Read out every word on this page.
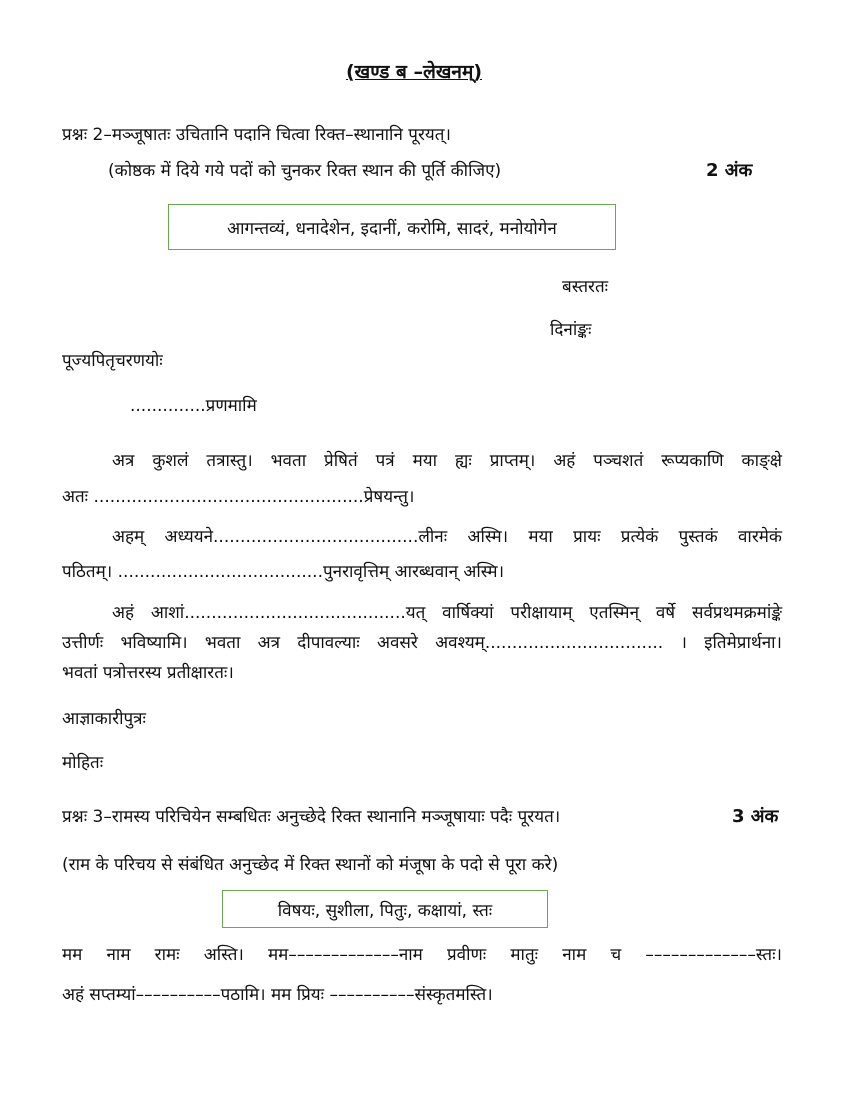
(खण्ड ब –लेखनम्)
प्रश्नः 2–मञ्जूषातः उचितानि पदानि चित्वा रिक्त–स्थानानि पूरयत्।
(कोष्ठक में दिये गये पदों को चुनकर रिक्त स्थान की पूर्ति कीजिए)	2 अंक
आगन्तव्यं, धनादेशेन, इदानीं, करोमि, सादरं, मनोयोगेन
बस्तरतः
दिनांङ्कः
पूज्यपितृचरणयोः
..............प्रणमामि
अत्र कुशलं तत्रास्तु। भवता प्रेषितं पत्रं मया ह्यः प्राप्तम्। अहं पञ्चशतं रूप्यकाणि काङ्क्षे
अतः ..................................................प्रेषयन्तु।
अहम् अध्ययने......................................लीनः अस्मि। मया प्रायः प्रत्येकं पुस्तकं वारमेकं
पठितम्। ......................................पुनरावृत्तिम् आरब्धवान् अस्मि।
अहं आशां.........................................यत् वार्षिक्यां परीक्षायाम् एतस्मिन् वर्षे सर्वप्रथमक्रमांङ्के
उत्तीर्णः भविष्यामि। भवता अत्र दीपावल्याः अवसरे अवश्यम्................................. । इतिमेप्रार्थना।
भवतां पत्रोत्तरस्य प्रतीक्षारतः।
आज्ञाकारीपुत्रः
मोहितः
प्रश्नः 3–रामस्य परिचियेन सम्बधितः अनुच्छेदे रिक्त स्थानानि मञ्जूषायाः पदैः पूरयत।	3 अंक
(राम के परिचय से संबंधित अनुच्छेद में रिक्त स्थानों को मंजूषा के पदो से पूरा करे)
विषयः, सुशीला, पितुः, कक्षायां, स्तः
मम नाम रामः अस्ति। मम–––––––––––––नाम प्रवीणः मातुः नाम च –––––––––––––स्तः।
अहं सप्तम्यां––––––––––पठामि। मम प्रियः ––––––––––संस्कृतमस्ति।
